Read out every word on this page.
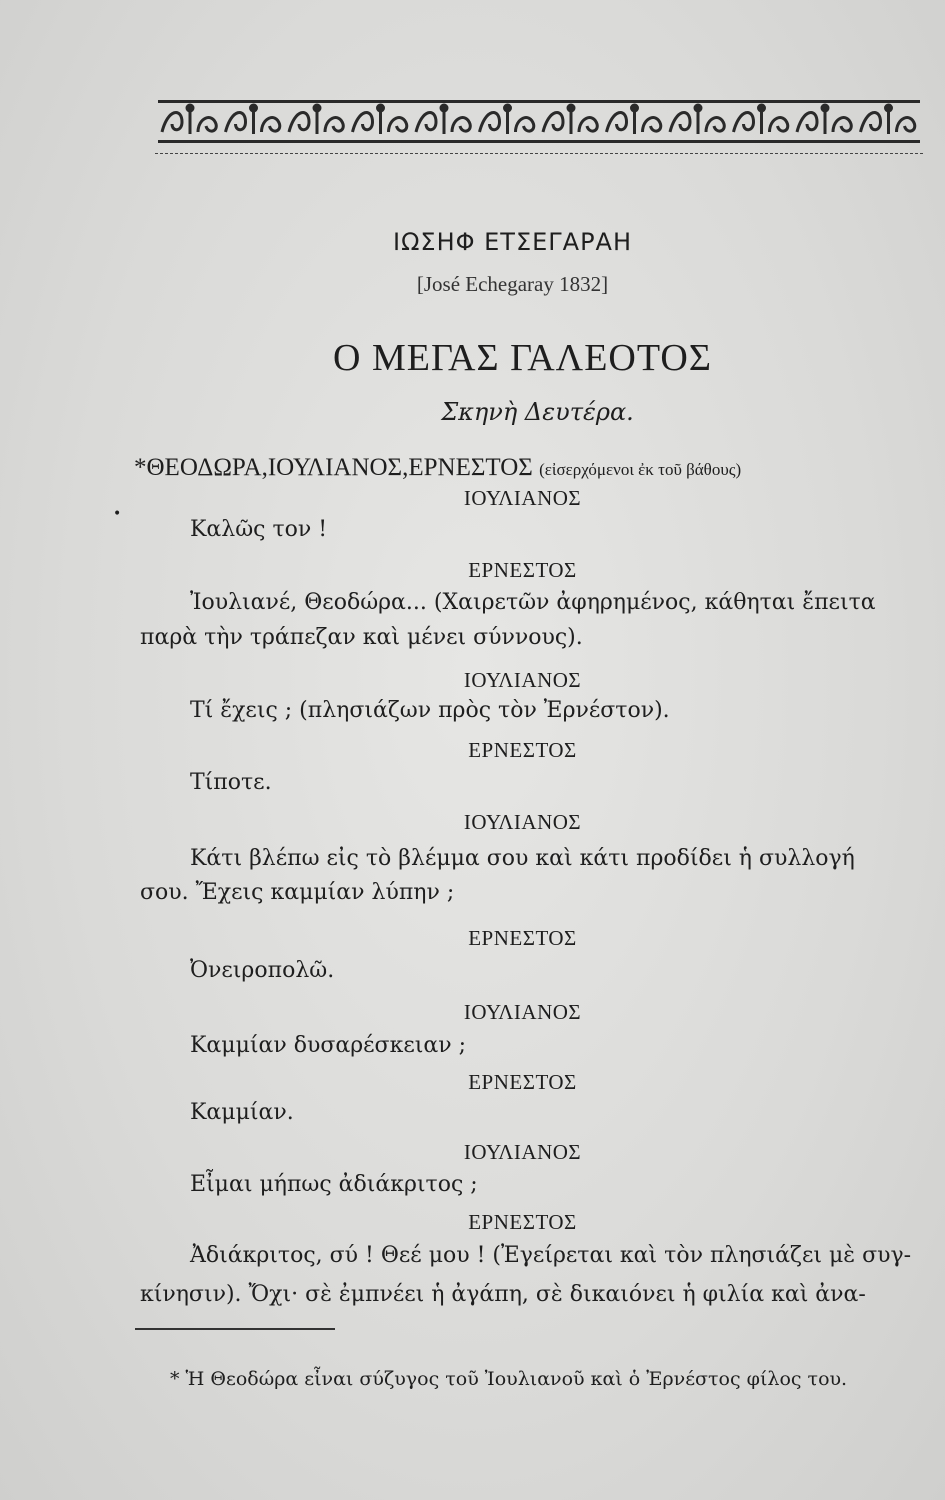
ΙΩΣΗΦ ΕΤΣΕΓΑΡΑΗ
[José Echegaray 1832]
Ο ΜΕΓΑΣ ΓΑΛΕΟΤΟΣ
Σκηνὴ Δευτέρα.
*ΘΕΟΔΩΡΑ,ΙΟΥΛΙΑΝΟΣ,ΕΡΝΕΣΤΟΣ (εἰσερχόμενοι ἐκ τοῦ βάθους)
•
ΙΟΥΛΙΑΝΟΣ
Καλῶς τον !
ΕΡΝΕΣΤΟΣ
Ἰουλιανέ, Θεοδώρα... (Χαιρετῶν ἀφηρημένος, κάθηται ἔπειτα
παρὰ τὴν τράπεζαν καὶ μένει σύννους).
ΙΟΥΛΙΑΝΟΣ
Τί ἔχεις ; (πλησιάζων πρὸς τὸν Ἐρνέστον).
ΕΡΝΕΣΤΟΣ
Τίποτε.
ΙΟΥΛΙΑΝΟΣ
Κάτι βλέπω εἰς τὸ βλέμμα σου καὶ κάτι προδίδει ἡ συλλογή
σου. Ἔχεις καμμίαν λύπην ;
ΕΡΝΕΣΤΟΣ
Ὀνειροπολῶ.
ΙΟΥΛΙΑΝΟΣ
Καμμίαν δυσαρέσκειαν ;
ΕΡΝΕΣΤΟΣ
Καμμίαν.
ΙΟΥΛΙΑΝΟΣ
Εἶμαι μήπως ἀδιάκριτος ;
ΕΡΝΕΣΤΟΣ
Ἀδιάκριτος, σύ ! Θεέ μου ! (Ἐγείρεται καὶ τὸν πλησιάζει μὲ συγ-
κίνησιν). Ὄχι· σὲ ἐμπνέει ἡ ἀγάπη, σὲ δικαιόνει ἡ φιλία καὶ ἀνα-
* Ἡ Θεοδώρα εἶναι σύζυγος τοῦ Ἰουλιανοῦ καὶ ὁ Ἐρνέστος φίλος του.
